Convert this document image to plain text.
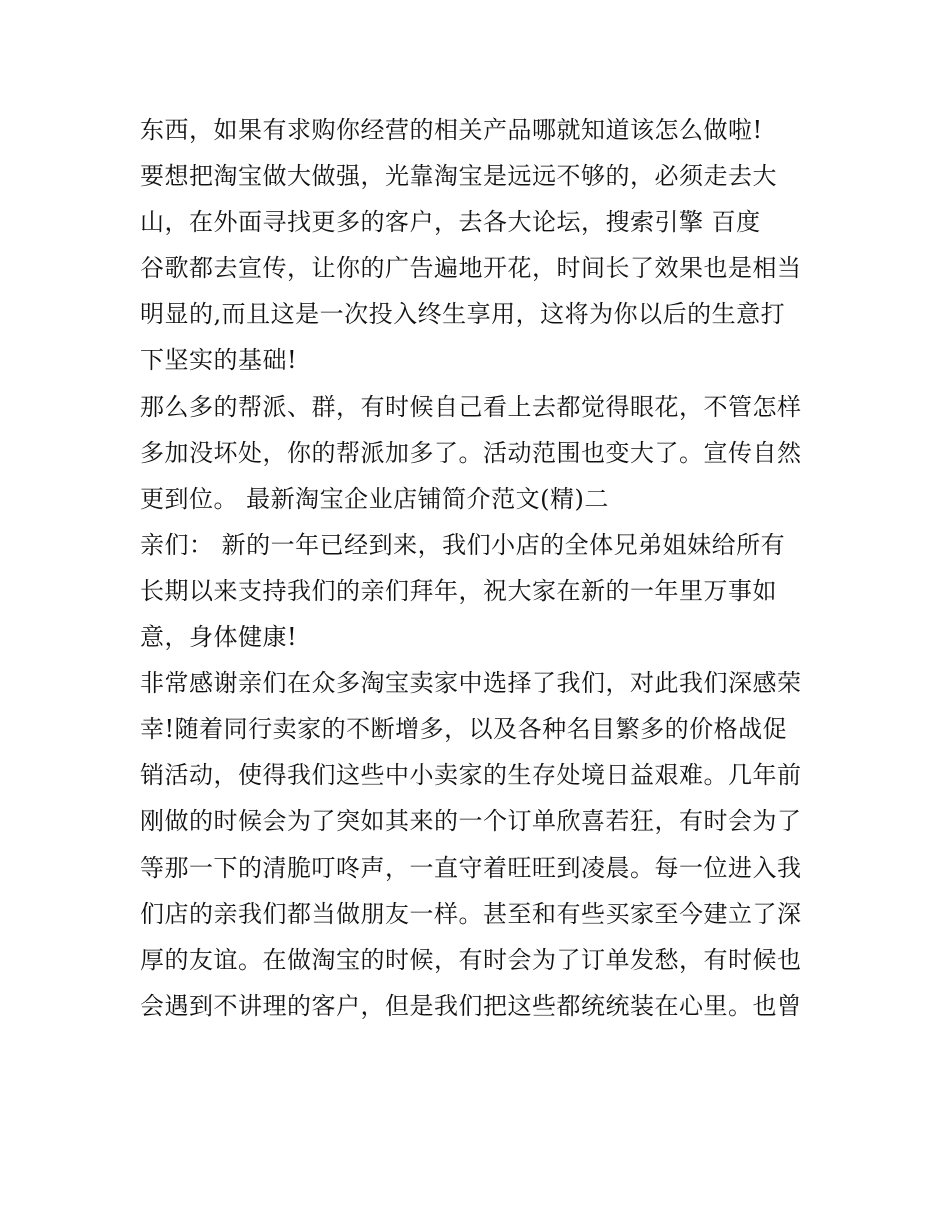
东西，如果有求购你经营的相关产品哪就知道该怎么做啦!
要想把淘宝做大做强，光靠淘宝是远远不够的，必须走去大
山，在外面寻找更多的客户，去各大论坛，搜索引擎 百度
谷歌都去宣传，让你的广告遍地开花，时间长了效果也是相当
明显的,而且这是一次投入终生享用，这将为你以后的生意打
下坚实的基础!
那么多的帮派、群，有时候自己看上去都觉得眼花，不管怎样
多加没坏处，你的帮派加多了。活动范围也变大了。宣传自然
更到位。 最新淘宝企业店铺简介范文(精)二
亲们： 新的一年已经到来，我们小店的全体兄弟姐妹给所有
长期以来支持我们的亲们拜年，祝大家在新的一年里万事如
意，身体健康!
非常感谢亲们在众多淘宝卖家中选择了我们，对此我们深感荣
幸!随着同行卖家的不断增多，以及各种名目繁多的价格战促
销活动，使得我们这些中小卖家的生存处境日益艰难。几年前
刚做的时候会为了突如其来的一个订单欣喜若狂，有时会为了
等那一下的清脆叮咚声，一直守着旺旺到凌晨。每一位进入我
们店的亲我们都当做朋友一样。甚至和有些买家至今建立了深
厚的友谊。在做淘宝的时候，有时会为了订单发愁，有时候也
会遇到不讲理的客户，但是我们把这些都统统装在心里。也曾
